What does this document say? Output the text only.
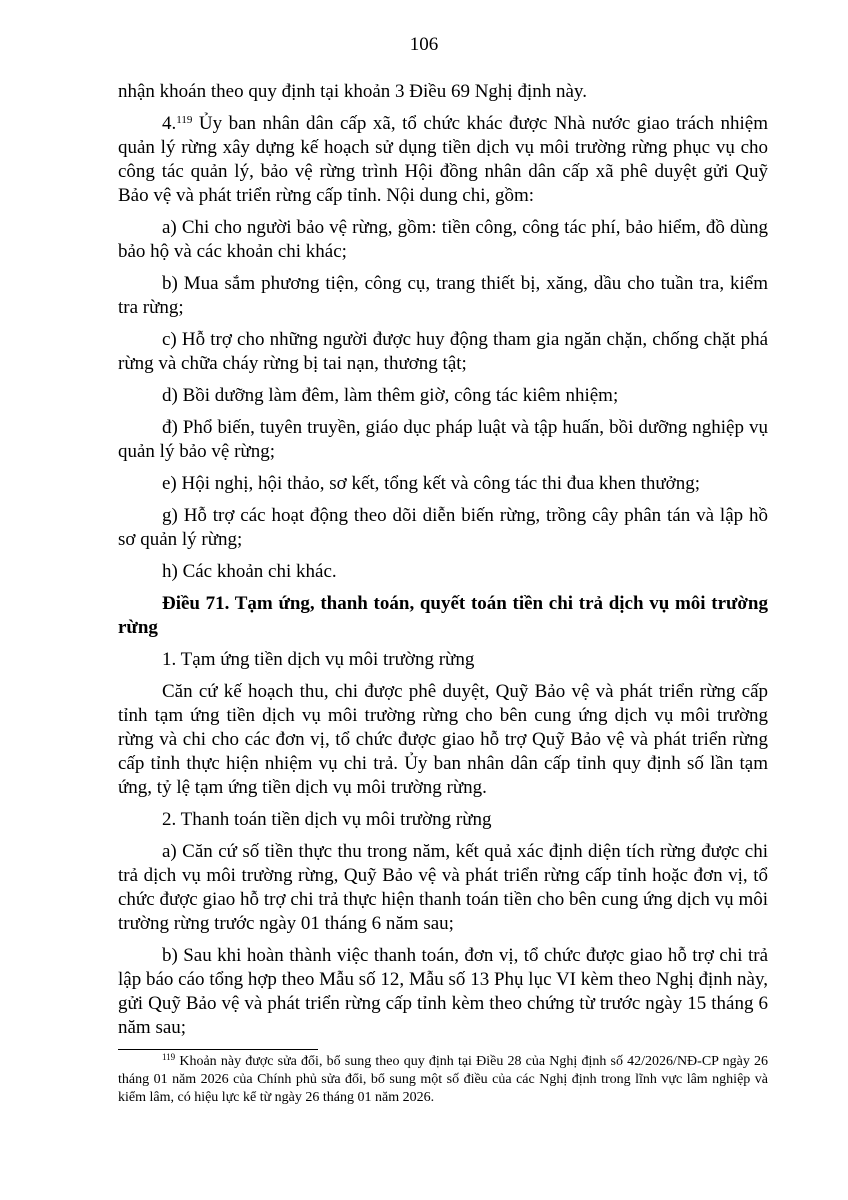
106

nhận khoán theo quy định tại khoản 3 Điều 69 Nghị định này.

4.$^{119}$ Ủy ban nhân dân cấp xã, tổ chức khác được Nhà nước giao trách nhiệm quản lý rừng xây dựng kế hoạch sử dụng tiền dịch vụ môi trường rừng phục vụ cho công tác quản lý, bảo vệ rừng trình Hội đồng nhân dân cấp xã phê duyệt gửi Quỹ Bảo vệ và phát triển rừng cấp tỉnh. Nội dung chi, gồm:

a) Chi cho người bảo vệ rừng, gồm: tiền công, công tác phí, bảo hiểm, đồ dùng bảo hộ và các khoản chi khác;

b) Mua sắm phương tiện, công cụ, trang thiết bị, xăng, dầu cho tuần tra, kiểm tra rừng;

c) Hỗ trợ cho những người được huy động tham gia ngăn chặn, chống chặt phá rừng và chữa cháy rừng bị tai nạn, thương tật;

d) Bồi dưỡng làm đêm, làm thêm giờ, công tác kiêm nhiệm;

đ) Phổ biến, tuyên truyền, giáo dục pháp luật và tập huấn, bồi dưỡng nghiệp vụ quản lý bảo vệ rừng;

e) Hội nghị, hội thảo, sơ kết, tổng kết và công tác thi đua khen thưởng;

g) Hỗ trợ các hoạt động theo dõi diễn biến rừng, trồng cây phân tán và lập hồ sơ quản lý rừng;

h) Các khoản chi khác.

Điều 71. Tạm ứng, thanh toán, quyết toán tiền chi trả dịch vụ môi trường rừng

1. Tạm ứng tiền dịch vụ môi trường rừng

Căn cứ kế hoạch thu, chi được phê duyệt, Quỹ Bảo vệ và phát triển rừng cấp tỉnh tạm ứng tiền dịch vụ môi trường rừng cho bên cung ứng dịch vụ môi trường rừng và chi cho các đơn vị, tổ chức được giao hỗ trợ Quỹ Bảo vệ và phát triển rừng cấp tỉnh thực hiện nhiệm vụ chi trả. Ủy ban nhân dân cấp tỉnh quy định số lần tạm ứng, tỷ lệ tạm ứng tiền dịch vụ môi trường rừng.

2. Thanh toán tiền dịch vụ môi trường rừng

a) Căn cứ số tiền thực thu trong năm, kết quả xác định diện tích rừng được chi trả dịch vụ môi trường rừng, Quỹ Bảo vệ và phát triển rừng cấp tỉnh hoặc đơn vị, tổ chức được giao hỗ trợ chi trả thực hiện thanh toán tiền cho bên cung ứng dịch vụ môi trường rừng trước ngày 01 tháng 6 năm sau;

b) Sau khi hoàn thành việc thanh toán, đơn vị, tổ chức được giao hỗ trợ chi trả lập báo cáo tổng hợp theo Mẫu số 12, Mẫu số 13 Phụ lục VI kèm theo Nghị định này, gửi Quỹ Bảo vệ và phát triển rừng cấp tỉnh kèm theo chứng từ trước ngày 15 tháng 6 năm sau;

$^{119}$ Khoản này được sửa đổi, bổ sung theo quy định tại Điều 28 của Nghị định số 42/2026/NĐ-CP ngày 26 tháng 01 năm 2026 của Chính phủ sửa đổi, bổ sung một số điều của các Nghị định trong lĩnh vực lâm nghiệp và kiểm lâm, có hiệu lực kể từ ngày 26 tháng 01 năm 2026.
